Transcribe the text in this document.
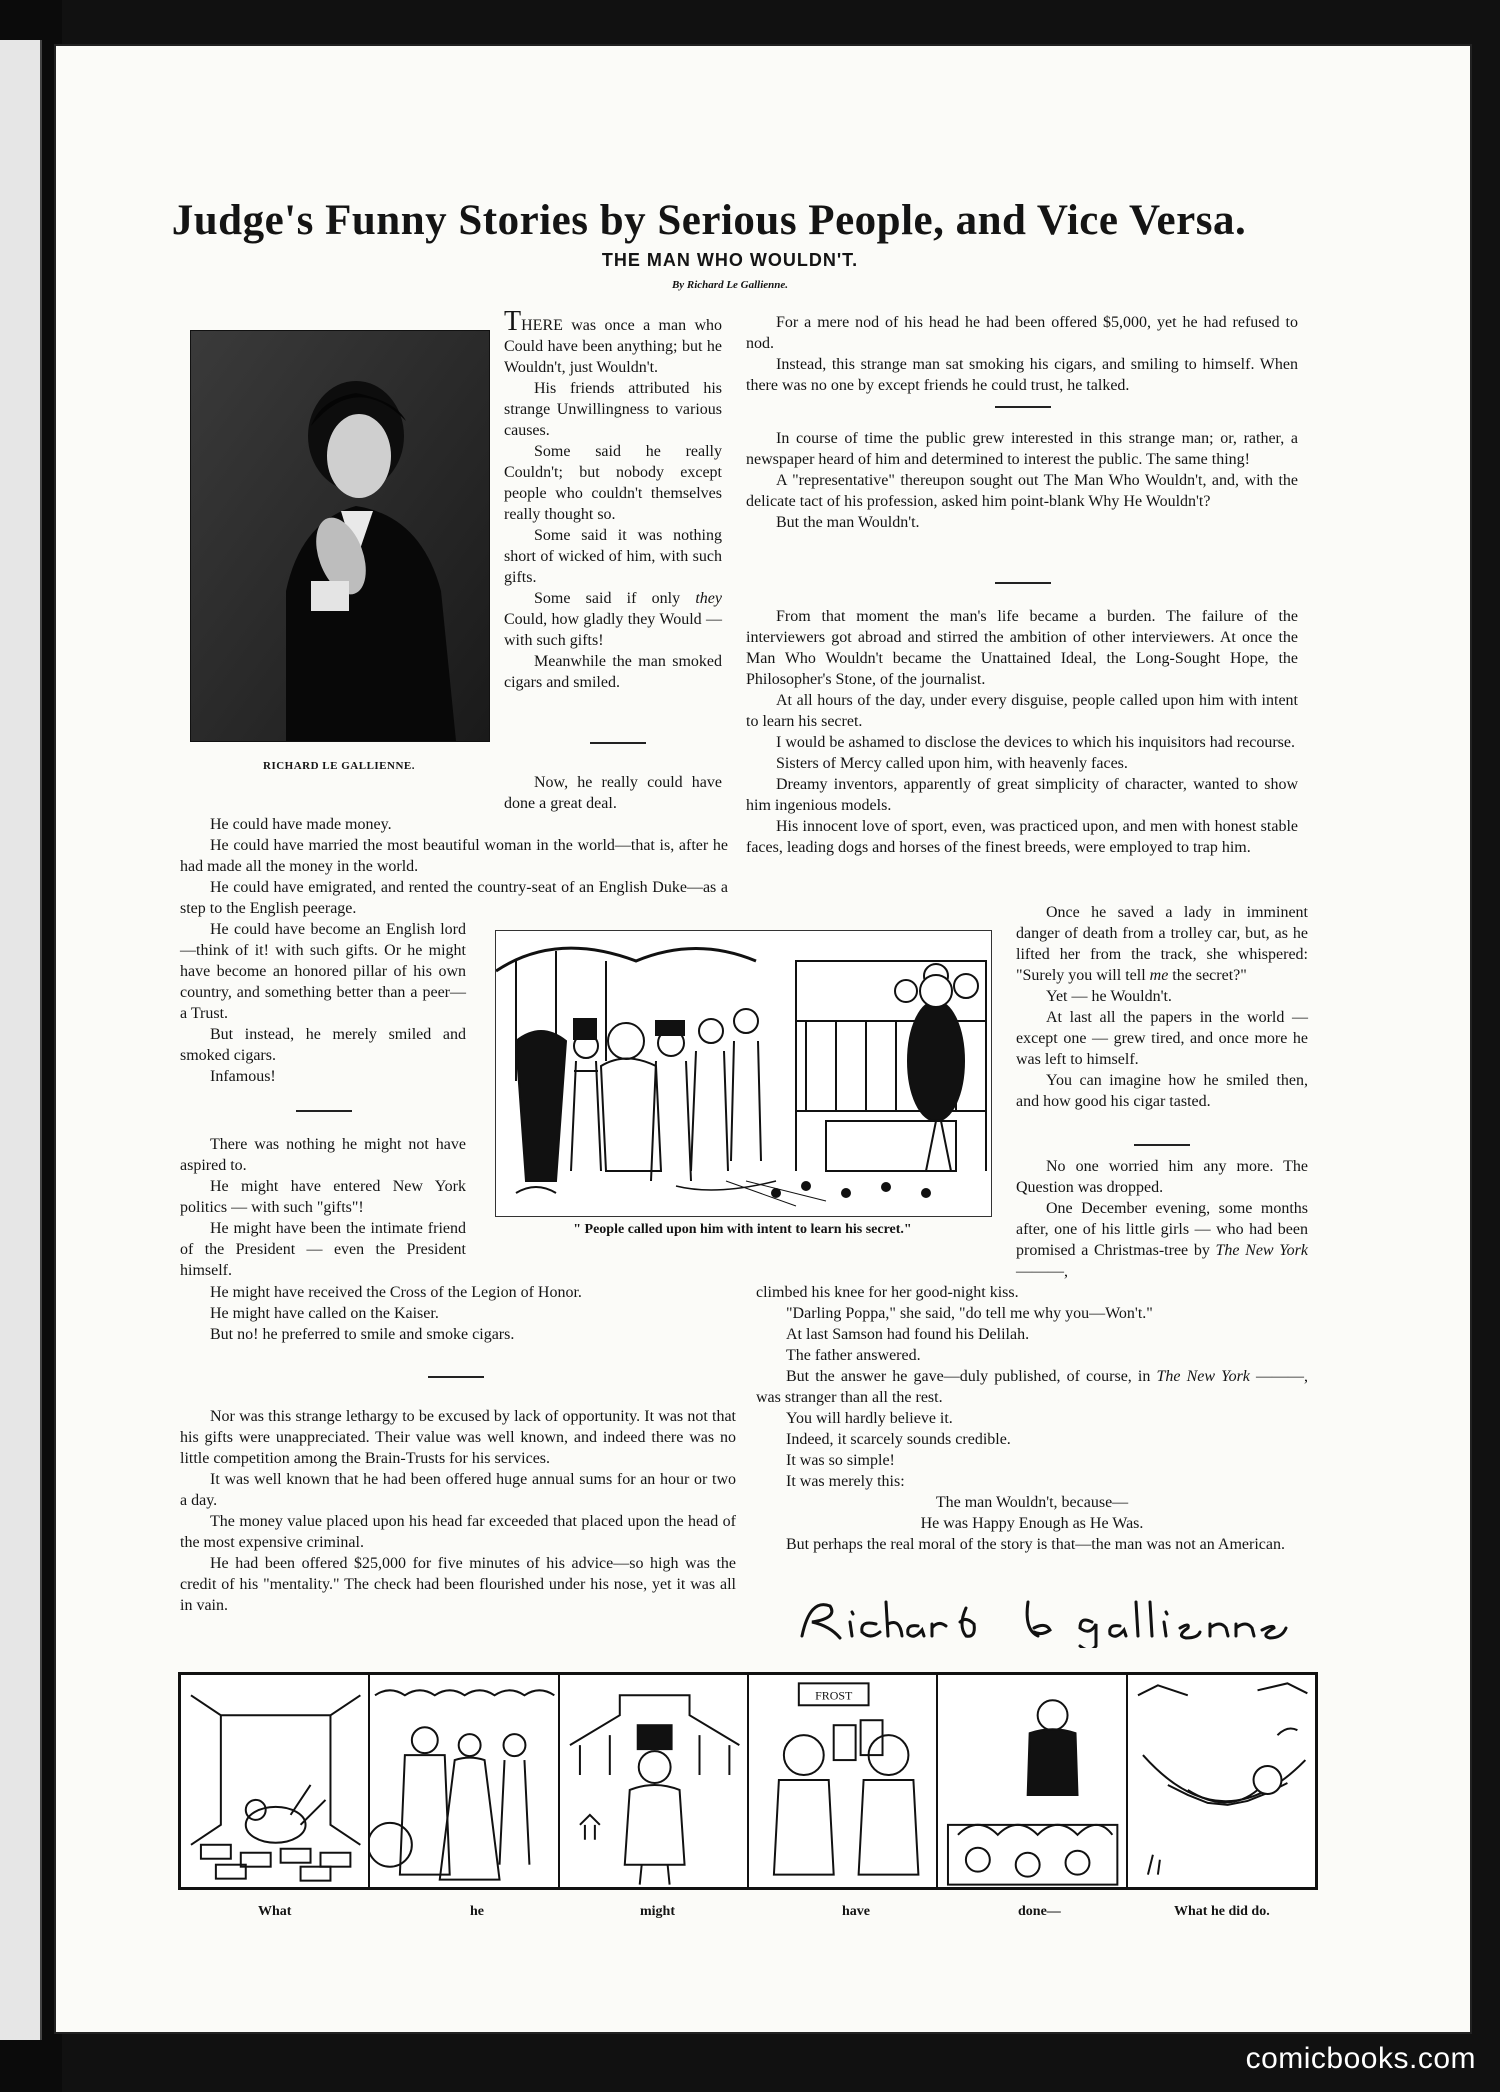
Judge's Funny Stories by Serious People, and Vice Versa.
THE MAN WHO WOULDN'T.
By Richard Le Gallienne.
RICHARD LE GALLIENNE.

THERE was once a man who Could have been anything; but he Wouldn't, just Wouldn't.

His friends attributed his strange Unwillingness to various causes.

Some said he really Couldn't; but nobody except people who couldn't themselves really thought so.

Some said it was nothing short of wicked of him, with such gifts.

Some said if only they Could, how gladly they Would — with such gifts!

Meanwhile the man smoked cigars and smiled.

Now, he really could have done a great deal.

He could have made money.

He could have married the most beautiful woman in the world—that is, after he had made all the money in the world.

He could have emigrated, and rented the country-seat of an English Duke—as a step to the English peerage.

He could have become an English lord—think of it! with such gifts. Or he might have become an honored pillar of his own country, and something better than a peer—a Trust.

But instead, he merely smiled and smoked cigars.

Infamous!

There was nothing he might not have aspired to.

He might have entered New York politics — with such "gifts"!

He might have been the intimate friend of the President — even the President himself.

He might have received the Cross of the Legion of Honor.

He might have called on the Kaiser.

But no! he preferred to smile and smoke cigars.

Nor was this strange lethargy to be excused by lack of opportunity. It was not that his gifts were unappreciated. Their value was well known, and indeed there was no little competition among the Brain-Trusts for his services.

It was well known that he had been offered huge annual sums for an hour or two a day.

The money value placed upon his head far exceeded that placed upon the head of the most expensive criminal.

He had been offered $25,000 for five minutes of his advice—so high was the credit of his "mentality." The check had been flourished under his nose, yet it was all in vain.

For a mere nod of his head he had been offered $5,000, yet he had refused to nod.

Instead, this strange man sat smoking his cigars, and smiling to himself. When there was no one by except friends he could trust, he talked.

In course of time the public grew interested in this strange man; or, rather, a newspaper heard of him and determined to interest the public. The same thing!

A "representative" thereupon sought out The Man Who Wouldn't, and, with the delicate tact of his profession, asked him point-blank Why He Wouldn't?

But the man Wouldn't.

From that moment the man's life became a burden. The failure of the interviewers got abroad and stirred the ambition of other interviewers. At once the Man Who Wouldn't became the Unattained Ideal, the Long-Sought Hope, the Philosopher's Stone, of the journalist.

At all hours of the day, under every disguise, people called upon him with intent to learn his secret.

I would be ashamed to disclose the devices to which his inquisitors had recourse.

Sisters of Mercy called upon him, with heavenly faces.

Dreamy inventors, apparently of great simplicity of character, wanted to show him ingenious models.

His innocent love of sport, even, was practiced upon, and men with honest stable faces, leading dogs and horses of the finest breeds, were employed to trap him.

Once he saved a lady in imminent danger of death from a trolley car, but, as he lifted her from the track, she whispered: "Surely you will tell me the secret?"

Yet — he Wouldn't.

At last all the papers in the world —except one — grew tired, and once more he was left to himself.

You can imagine how he smiled then, and how good his cigar tasted.

No one worried him any more. The Question was dropped.

One December evening, some months after, one of his little girls — who had been promised a Christmas-tree by The New York ———,

climbed his knee for her good-night kiss.

"Darling Poppa," she said, "do tell me why you—Won't."

At last Samson had found his Delilah.

The father answered.

But the answer he gave—duly published, of course, in The New York ———, was stranger than all the rest.

You will hardly believe it.

Indeed, it scarcely sounds credible.

It was so simple!

It was merely this:

The man Wouldn't, because—

He was Happy Enough as He Was.

But perhaps the real moral of the story is that—the man was not an American.

" People called upon him with intent to learn his secret."
FROST
What	he	might	have	done—	What he did do.
comicbooks.com
